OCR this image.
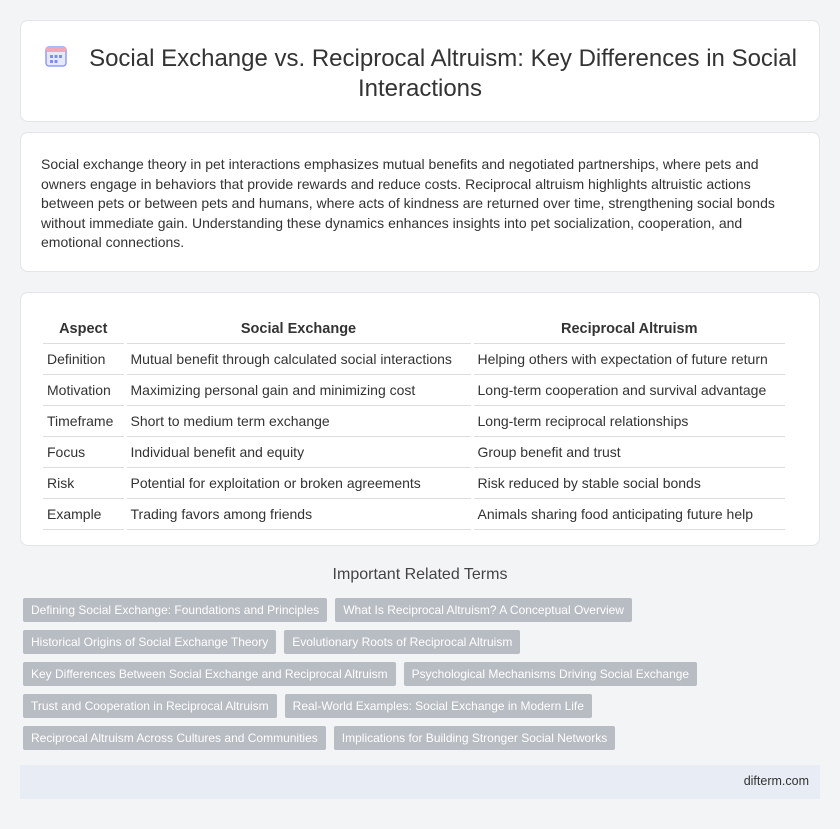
Social Exchange vs. Reciprocal Altruism: Key Differences in Social Interactions

Social exchange theory in pet interactions emphasizes mutual benefits and negotiated partnerships, where pets and owners engage in behaviors that provide rewards and reduce costs. Reciprocal altruism highlights altruistic actions between pets or between pets and humans, where acts of kindness are returned over time, strengthening social bonds without immediate gain. Understanding these dynamics enhances insights into pet socialization, cooperation, and emotional connections.

Aspect	Social Exchange	Reciprocal Altruism
Definition	Mutual benefit through calculated social interactions	Helping others with expectation of future return
Motivation	Maximizing personal gain and minimizing cost	Long-term cooperation and survival advantage
Timeframe	Short to medium term exchange	Long-term reciprocal relationships
Focus	Individual benefit and equity	Group benefit and trust
Risk	Potential for exploitation or broken agreements	Risk reduced by stable social bonds
Example	Trading favors among friends	Animals sharing food anticipating future help
Important Related Terms
Defining Social Exchange: Foundations and Principles	What Is Reciprocal Altruism? A Conceptual Overview
Historical Origins of Social Exchange Theory	Evolutionary Roots of Reciprocal Altruism
Key Differences Between Social Exchange and Reciprocal Altruism	Psychological Mechanisms Driving Social Exchange
Trust and Cooperation in Reciprocal Altruism	Real-World Examples: Social Exchange in Modern Life
Reciprocal Altruism Across Cultures and Communities	Implications for Building Stronger Social Networks
difterm.com
